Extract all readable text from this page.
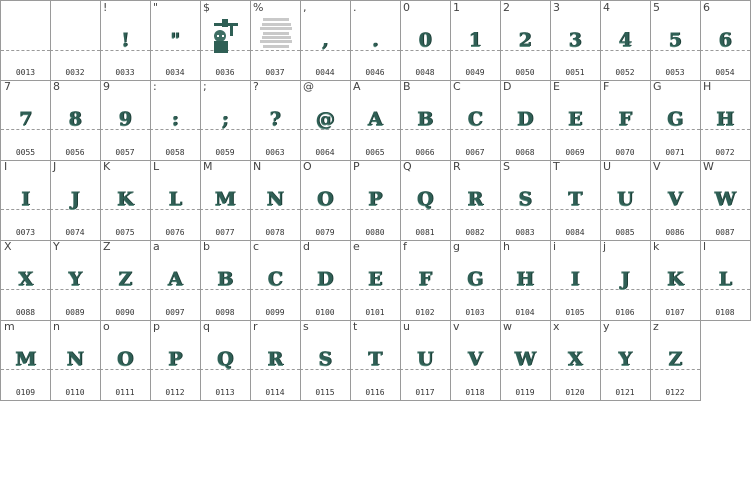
0013	0032
!
!
0033
"
"
0034
$
0036
%
0037
,
,
0044
.
.
0046
0
0
0048
1
1
0049
2
2
0050
3
3
0051
4
4
0052
5
5
0053
6
6
0054
7
7
0055
8
8
0056
9
9
0057
:
:
0058
;
;
0059
?
?
0063
@
@
0064
A
A
0065
B
B
0066
C
C
0067
D
D
0068
E
E
0069
F
F
0070
G
G
0071
H
H
0072
I
I
0073
J
J
0074
K
K
0075
L
L
0076
M
M
0077
N
N
0078
O
O
0079
P
P
0080
Q
Q
0081
R
R
0082
S
S
0083
T
T
0084
U
U
0085
V
V
0086
W
W
0087
X
X
0088
Y
Y
0089
Z
Z
0090
a
A
0097
b
B
0098
c
C
0099
d
D
0100
e
E
0101
f
F
0102
g
G
0103
h
H
0104
i
I
0105
j
J
0106
k
K
0107
l
L
0108
m
M
0109
n
N
0110
o
O
0111
p
P
0112
q
Q
0113
r
R
0114
s
S
0115
t
T
0116
u
U
0117
v
V
0118
w
W
0119
x
X
0120
y
Y
0121
z
Z
0122
